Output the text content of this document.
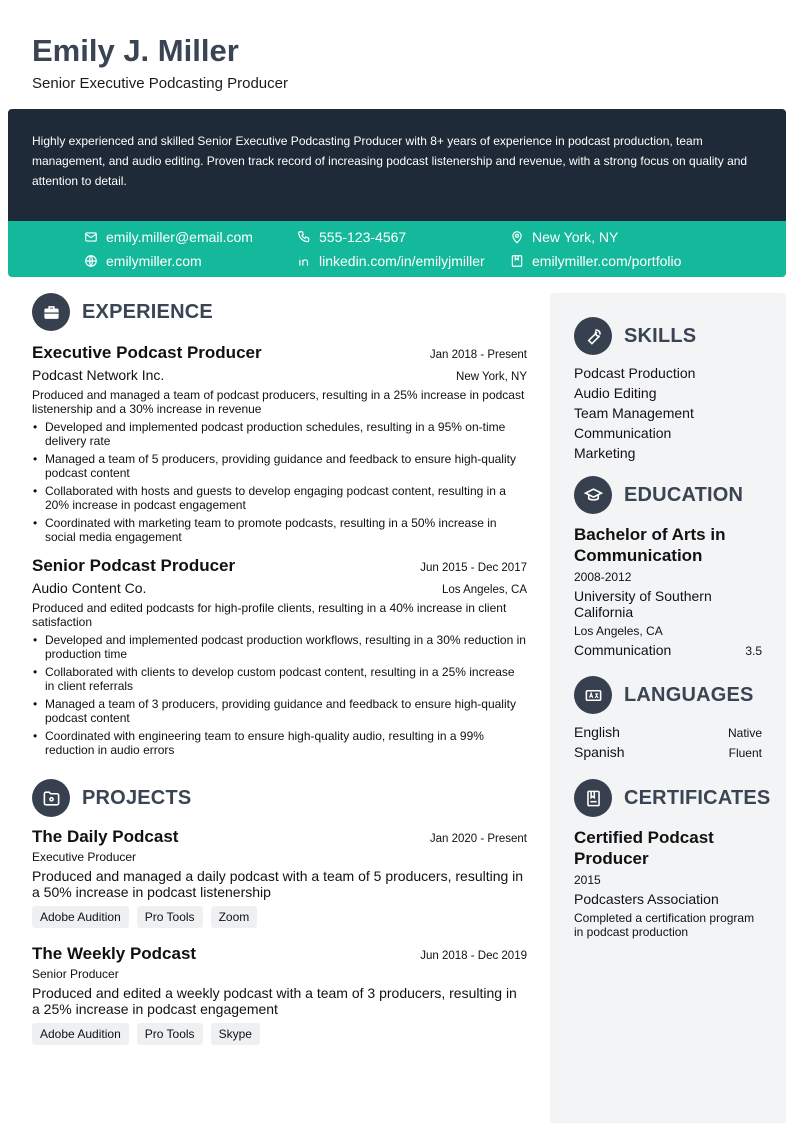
Emily J. Miller
Senior Executive Podcasting Producer

Highly experienced and skilled Senior Executive Podcasting Producer with 8+ years of experience in podcast production, team management, and audio editing. Proven track record of increasing podcast listenership and revenue, with a strong focus on quality and attention to detail.

emily.miller@email.com	555-123-4567	New York, NY
emilymiller.com	linkedin.com/in/emilyjmiller	emilymiller.com/portfolio
EXPERIENCE
Executive Podcast Producer	Jan 2018 - Present
Podcast Network Inc.	New York, NY
Produced and managed a team of podcast producers, resulting in a 25% increase in podcast listenership and a 30% increase in revenue
• Developed and implemented podcast production schedules, resulting in a 95% on-time delivery rate
• Managed a team of 5 producers, providing guidance and feedback to ensure high-quality podcast content
• Collaborated with hosts and guests to develop engaging podcast content, resulting in a 20% increase in podcast engagement
• Coordinated with marketing team to promote podcasts, resulting in a 50% increase in social media engagement
Senior Podcast Producer	Jun 2015 - Dec 2017
Audio Content Co.	Los Angeles, CA
Produced and edited podcasts for high-profile clients, resulting in a 40% increase in client satisfaction
• Developed and implemented podcast production workflows, resulting in a 30% reduction in production time
• Collaborated with clients to develop custom podcast content, resulting in a 25% increase in client referrals
• Managed a team of 3 producers, providing guidance and feedback to ensure high-quality podcast content
• Coordinated with engineering team to ensure high-quality audio, resulting in a 99% reduction in audio errors
PROJECTS
The Daily Podcast	Jan 2020 - Present
Executive Producer
Produced and managed a daily podcast with a team of 5 producers, resulting in a 50% increase in podcast listenership
Adobe Audition	Pro Tools	Zoom
The Weekly Podcast	Jun 2018 - Dec 2019
Senior Producer
Produced and edited a weekly podcast with a team of 3 producers, resulting in a 25% increase in podcast engagement
Adobe Audition	Pro Tools	Skype
SKILLS
Podcast Production
Audio Editing
Team Management
Communication
Marketing
EDUCATION
Bachelor of Arts in Communication
2008-2012
University of Southern California
Los Angeles, CA
Communication	3.5
LANGUAGES
English	Native
Spanish	Fluent
CERTIFICATES
Certified Podcast Producer
2015
Podcasters Association
Completed a certification program in podcast production
